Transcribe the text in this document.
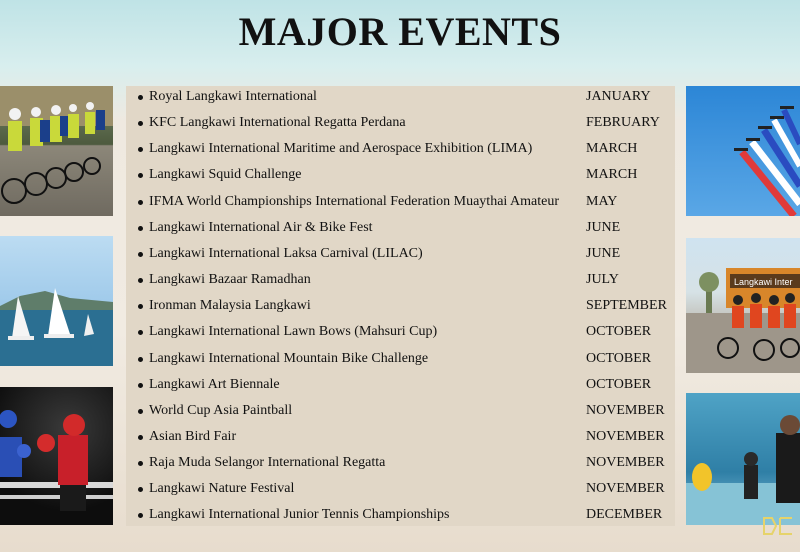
MAJOR EVENTS
Royal Langkawi International	JANUARY
KFC Langkawi International Regatta Perdana	FEBRUARY
Langkawi International Maritime and Aerospace Exhibition (LIMA)	MARCH
Langkawi Squid Challenge	MARCH
IFMA World Championships International Federation Muaythai Amateur MAY
Langkawi International Air & Bike Fest	JUNE
Langkawi International Laksa Carnival (LILAC)	JUNE
Langkawi Bazaar Ramadhan	JULY
Ironman Malaysia Langkawi	SEPTEMBER
Langkawi International Lawn Bows (Mahsuri Cup)	OCTOBER
Langkawi International Mountain Bike Challenge	OCTOBER
Langkawi Art Biennale	OCTOBER
World Cup Asia Paintball	NOVEMBER
Asian Bird Fair	NOVEMBER
Raja Muda Selangor International Regatta	NOVEMBER
Langkawi Nature Festival	NOVEMBER
Langkawi International Junior Tennis Championships	DECEMBER
Langkawi Inter
